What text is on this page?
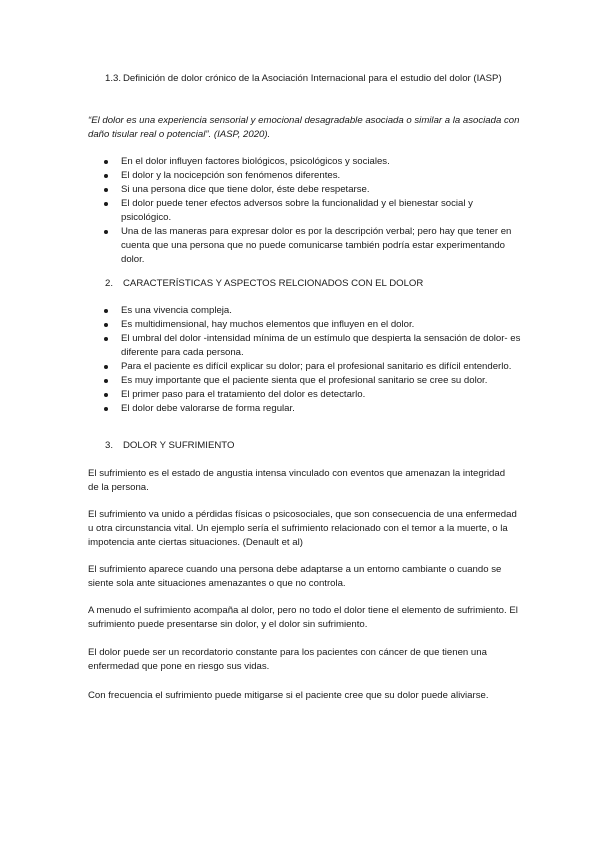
1.3. Definición de dolor crónico de la Asociación Internacional para el estudio del dolor (IASP)

“El dolor es una experiencia sensorial y emocional desagradable asociada o similar a la asociada con daño tisular real o potencial”. (IASP, 2020).

En el dolor influyen factores biológicos, psicológicos y sociales.
El dolor y la nocicepción son fenómenos diferentes.
Si una persona dice que tiene dolor, éste debe respetarse.
El dolor puede tener efectos adversos sobre la funcionalidad y el bienestar social y psicológico.
Una de las maneras para expresar dolor es por la descripción verbal; pero hay que tener en cuenta que una persona que no puede comunicarse también podría estar experimentando dolor.
2.	CARACTERÍSTICAS Y ASPECTOS RELCIONADOS CON EL DOLOR
Es una vivencia compleja.
Es multidimensional, hay muchos elementos que influyen en el dolor.
El umbral del dolor -intensidad mínima de un estímulo que despierta la sensación de dolor- es diferente para cada persona.
Para el paciente es difícil explicar su dolor; para el profesional sanitario es difícil entenderlo.
Es muy importante que el paciente sienta que el profesional sanitario se cree su dolor.
El primer paso para el tratamiento del dolor es detectarlo.
El dolor debe valorarse de forma regular.
3.	DOLOR Y SUFRIMIENTO

El sufrimiento es el estado de angustia intensa vinculado con eventos que amenazan la integridad de la persona.

El sufrimiento va unido a pérdidas físicas o psicosociales, que son consecuencia de una enfermedad u otra circunstancia vital. Un ejemplo sería el sufrimiento relacionado con el temor a la muerte, o la impotencia ante ciertas situaciones. (Denault et al)

El sufrimiento aparece cuando una persona debe adaptarse a un entorno cambiante o cuando se siente sola ante situaciones amenazantes o que no controla.

A menudo el sufrimiento acompaña al dolor, pero no todo el dolor tiene el elemento de sufrimiento. El sufrimiento puede presentarse sin dolor, y el dolor sin sufrimiento.

El dolor puede ser un recordatorio constante para los pacientes con cáncer de que tienen una enfermedad que pone en riesgo sus vidas.

Con frecuencia el sufrimiento puede mitigarse si el paciente cree que su dolor puede aliviarse.
